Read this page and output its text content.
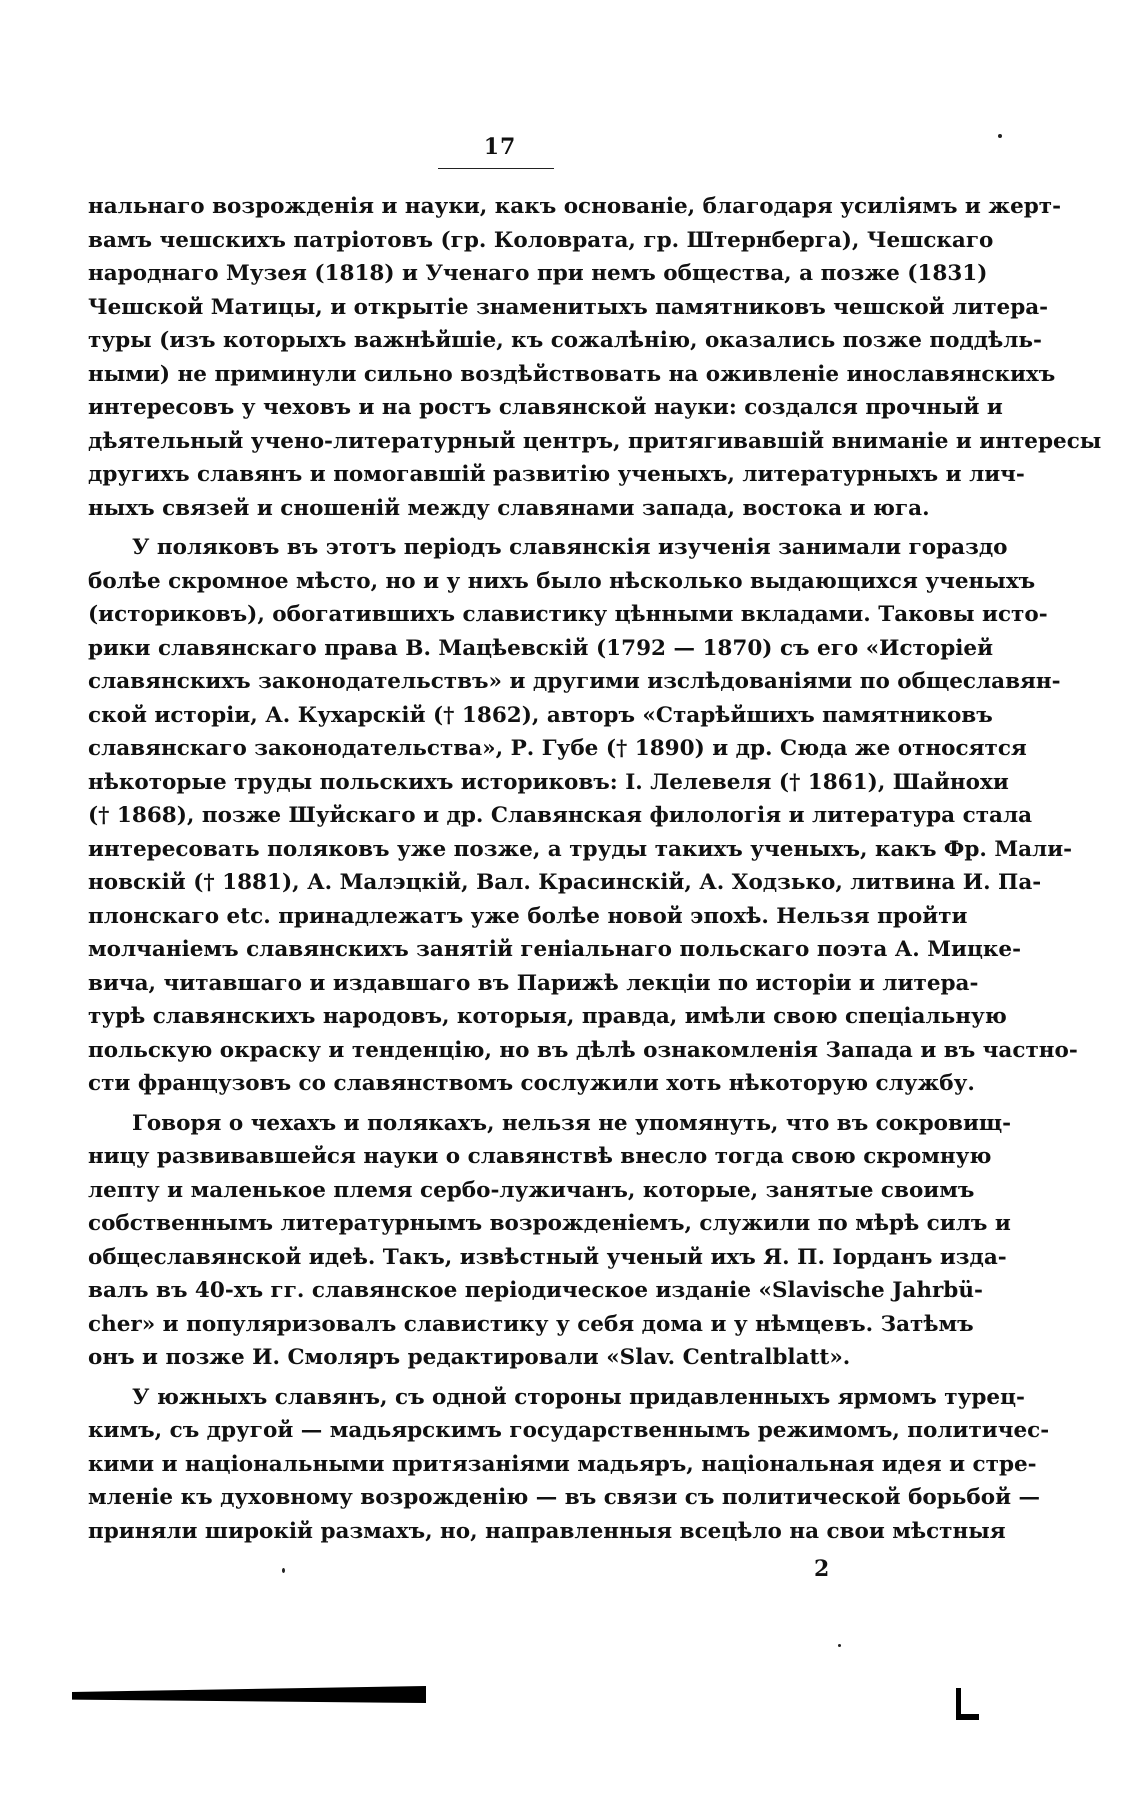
17
нальнаго возрожденія и науки, какъ основаніе, благодаря усиліямъ и жерт-
вамъ чешскихъ патріотовъ (гр. Коловрата, гр. Штернберга), Чешскаго
народнаго Музея (1818) и Ученаго при немъ общества, а позже (1831)
Чешской Матицы, и открытіе знаменитыхъ памятниковъ чешской литера-
туры (изъ которыхъ важнѣйшіе, къ сожалѣнію, оказались позже поддѣль-
ными) не приминули сильно воздѣйствовать на оживленіе инославянскихъ
интересовъ у чеховъ и на ростъ славянской науки: создался прочный и
дѣятельный учено-литературный центръ, притягивавшій вниманіе и интересы
другихъ славянъ и помогавшій развитію ученыхъ, литературныхъ и лич-
ныхъ связей и сношеній между славянами запада, востока и юга.
У поляковъ въ этотъ періодъ славянскія изученія занимали гораздо
болѣе скромное мѣсто, но и у нихъ было нѣсколько выдающихся ученыхъ
(историковъ), обогатившихъ славистику цѣнными вкладами. Таковы исто-
рики славянскаго права В. Мацѣевскій (1792 — 1870) съ его «Исторіей
славянскихъ законодательствъ» и другими изслѣдованіями по общеславян-
ской исторіи, А. Кухарскій († 1862), авторъ «Старѣйшихъ памятниковъ
славянскаго законодательства», Р. Губе († 1890) и др. Сюда же относятся
нѣкоторые труды польскихъ историковъ: І. Лелевеля († 1861), Шайнохи
(† 1868), позже Шуйскаго и др. Славянская филологія и литература стала
интересовать поляковъ уже позже, а труды такихъ ученыхъ, какъ Фр. Мали-
новскій († 1881), А. Малэцкій, Вал. Красинскій, А. Ходзько, литвина И. Па-
плонскаго etc. принадлежатъ уже болѣе новой эпохѣ. Нельзя пройти
молчаніемъ славянскихъ занятій геніальнаго польскаго поэта А. Мицке-
вича, читавшаго и издавшаго въ Парижѣ лекціи по исторіи и литера-
турѣ славянскихъ народовъ, которыя, правда, имѣли свою спеціальную
польскую окраску и тенденцію, но въ дѣлѣ ознакомленія Запада и въ частно-
сти французовъ со славянствомъ сослужили хоть нѣкоторую службу.
Говоря о чехахъ и полякахъ, нельзя не упомянуть, что въ сокровищ-
ницу развивавшейся науки о славянствѣ внесло тогда свою скромную
лепту и маленькое племя сербо-лужичанъ, которые, занятые своимъ
собственнымъ литературнымъ возрожденіемъ, служили по мѣрѣ силъ и
общеславянской идеѣ. Такъ, извѣстный ученый ихъ Я. П. Іорданъ изда-
валъ въ 40-хъ гг. славянское періодическое изданіе «Slavische Jahrbü-
cher» и популяризовалъ славистику у себя дома и у нѣмцевъ. Затѣмъ
онъ и позже И. Смоляръ редактировали «Slav. Centralblatt».
У южныхъ славянъ, съ одной стороны придавленныхъ ярмомъ турец-
кимъ, съ другой — мадьярскимъ государственнымъ режимомъ, политичес-
кими и національными притязаніями мадьяръ, національная идея и стре-
мленіе къ духовному возрожденію — въ связи съ политической борьбой —
приняли широкій размахъ, но, направленныя всецѣло на свои мѣстныя
2
